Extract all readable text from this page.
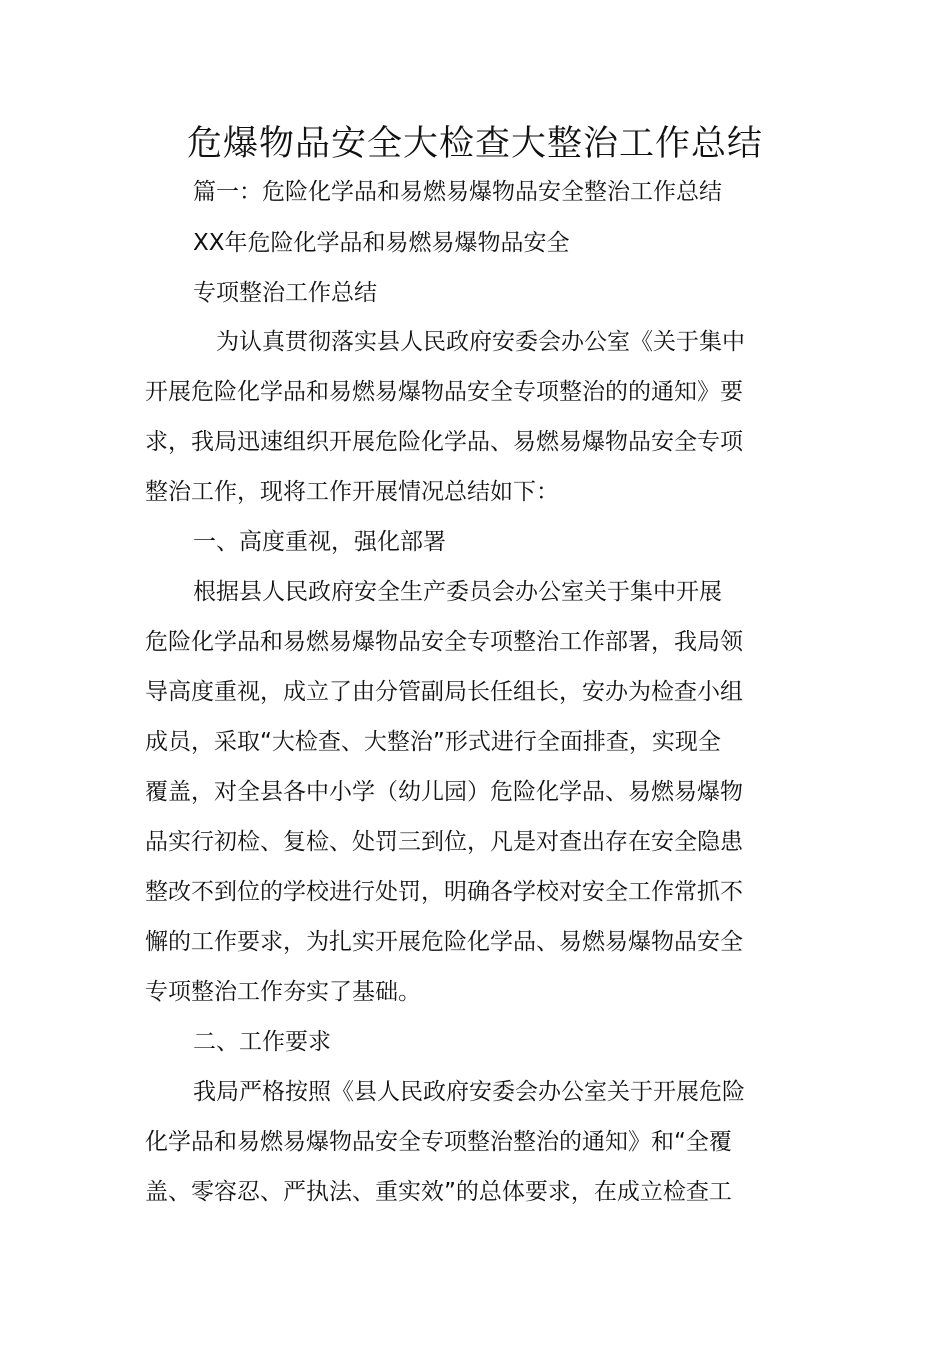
危爆物品安全大检查大整治工作总结
篇一：危险化学品和易燃易爆物品安全整治工作总结
XX年危险化学品和易燃易爆物品安全
专项整治工作总结
为认真贯彻落实县人民政府安委会办公室《关于集中
开展危险化学品和易燃易爆物品安全专项整治的的通知》要
求，我局迅速组织开展危险化学品、易燃易爆物品安全专项
整治工作，现将工作开展情况总结如下：
一、高度重视，强化部署
根据县人民政府安全生产委员会办公室关于集中开展
危险化学品和易燃易爆物品安全专项整治工作部署，我局领
导高度重视，成立了由分管副局长任组长，安办为检查小组
成员，采取“大检查、大整治”形式进行全面排查，实现全
覆盖，对全县各中小学（幼儿园）危险化学品、易燃易爆物
品实行初检、复检、处罚三到位，凡是对查出存在安全隐患
整改不到位的学校进行处罚，明确各学校对安全工作常抓不
懈的工作要求，为扎实开展危险化学品、易燃易爆物品安全
专项整治工作夯实了基础。
二、工作要求
我局严格按照《县人民政府安委会办公室关于开展危险
化学品和易燃易爆物品安全专项整治整治的通知》和“全覆
盖、零容忍、严执法、重实效”的总体要求，在成立检查工
